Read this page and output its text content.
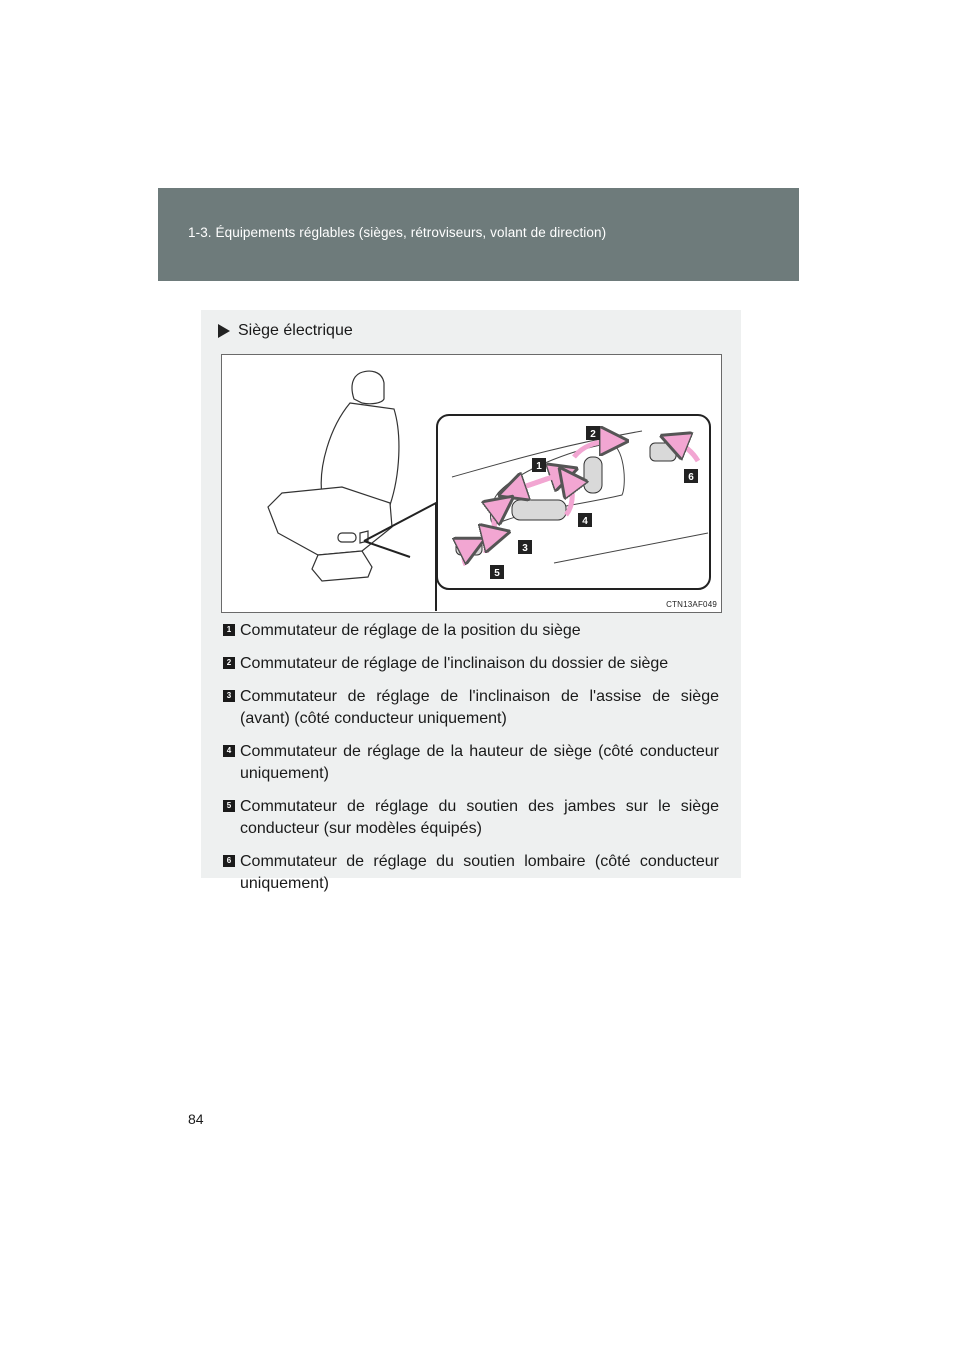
1-3. Équipements réglables (sièges, rétroviseurs, volant de direction)
Siège électrique
1
2
3
4
5
6
CTN13AF049
1 Commutateur de réglage de la position du siège
2 Commutateur de réglage de l'inclinaison du dossier de siège
3 Commutateur de réglage de l'inclinaison de l'assise de siège (avant) (côté conducteur uniquement)
4 Commutateur de réglage de la hauteur de siège (côté conducteur uniquement)
5 Commutateur de réglage du soutien des jambes sur le siège conducteur (sur modèles équipés)
6 Commutateur de réglage du soutien lombaire (côté conducteur uniquement)
84
